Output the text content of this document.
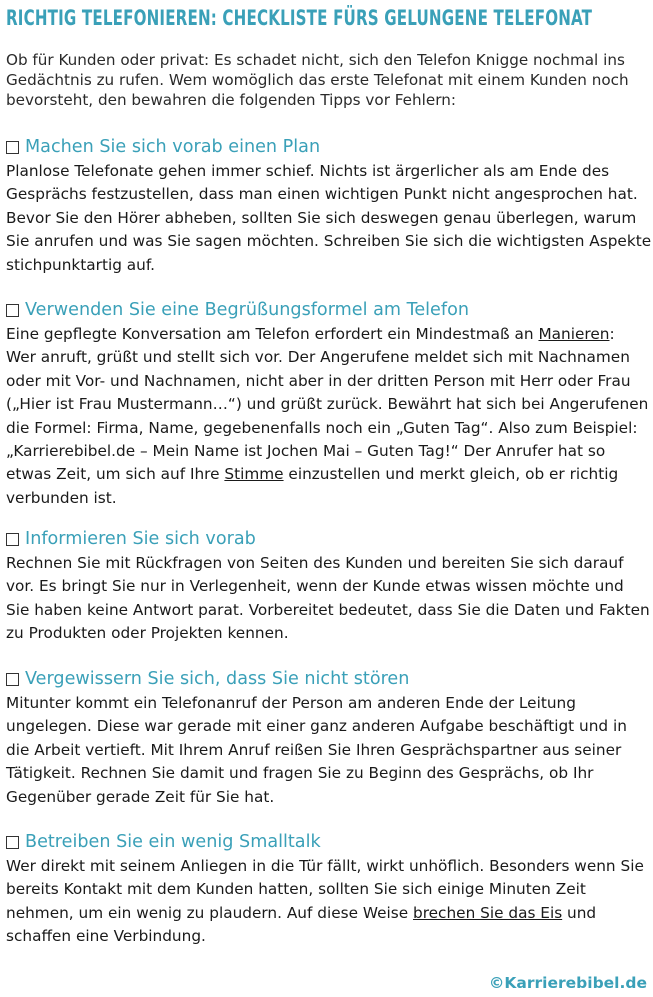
RICHTIG TELEFONIEREN: CHECKLISTE FÜRS GELUNGENE TELEFONAT

Ob für Kunden oder privat: Es schadet nicht, sich den Telefon Knigge nochmal ins
Gedächtnis zu rufen. Wem womöglich das erste Telefonat mit einem Kunden noch
bevorsteht, den bewahren die folgenden Tipps vor Fehlern:

Machen Sie sich vorab einen Plan

Planlose Telefonate gehen immer schief. Nichts ist ärgerlicher als am Ende des
Gesprächs festzustellen, dass man einen wichtigen Punkt nicht angesprochen hat.
Bevor Sie den Hörer abheben, sollten Sie sich deswegen genau überlegen, warum
Sie anrufen und was Sie sagen möchten. Schreiben Sie sich die wichtigsten Aspekte
stichpunktartig auf.

Verwenden Sie eine Begrüßungsformel am Telefon

Eine gepflegte Konversation am Telefon erfordert ein Mindestmaß an Manieren:
Wer anruft, grüßt und stellt sich vor. Der Angerufene meldet sich mit Nachnamen
oder mit Vor- und Nachnamen, nicht aber in der dritten Person mit Herr oder Frau
(„Hier ist Frau Mustermann…“) und grüßt zurück. Bewährt hat sich bei Angerufenen
die Formel: Firma, Name, gegebenenfalls noch ein „Guten Tag“. Also zum Beispiel:
„Karrierebibel.de – Mein Name ist Jochen Mai – Guten Tag!“ Der Anrufer hat so
etwas Zeit, um sich auf Ihre Stimme einzustellen und merkt gleich, ob er richtig
verbunden ist.

Informieren Sie sich vorab

Rechnen Sie mit Rückfragen von Seiten des Kunden und bereiten Sie sich darauf
vor. Es bringt Sie nur in Verlegenheit, wenn der Kunde etwas wissen möchte und
Sie haben keine Antwort parat. Vorbereitet bedeutet, dass Sie die Daten und Fakten
zu Produkten oder Projekten kennen.

Vergewissern Sie sich, dass Sie nicht stören

Mitunter kommt ein Telefonanruf der Person am anderen Ende der Leitung
ungelegen. Diese war gerade mit einer ganz anderen Aufgabe beschäftigt und in
die Arbeit vertieft. Mit Ihrem Anruf reißen Sie Ihren Gesprächspartner aus seiner
Tätigkeit. Rechnen Sie damit und fragen Sie zu Beginn des Gesprächs, ob Ihr
Gegenüber gerade Zeit für Sie hat.

Betreiben Sie ein wenig Smalltalk

Wer direkt mit seinem Anliegen in die Tür fällt, wirkt unhöflich. Besonders wenn Sie
bereits Kontakt mit dem Kunden hatten, sollten Sie sich einige Minuten Zeit
nehmen, um ein wenig zu plaudern. Auf diese Weise brechen Sie das Eis und
schaffen eine Verbindung.

©Karrierebibel.de
